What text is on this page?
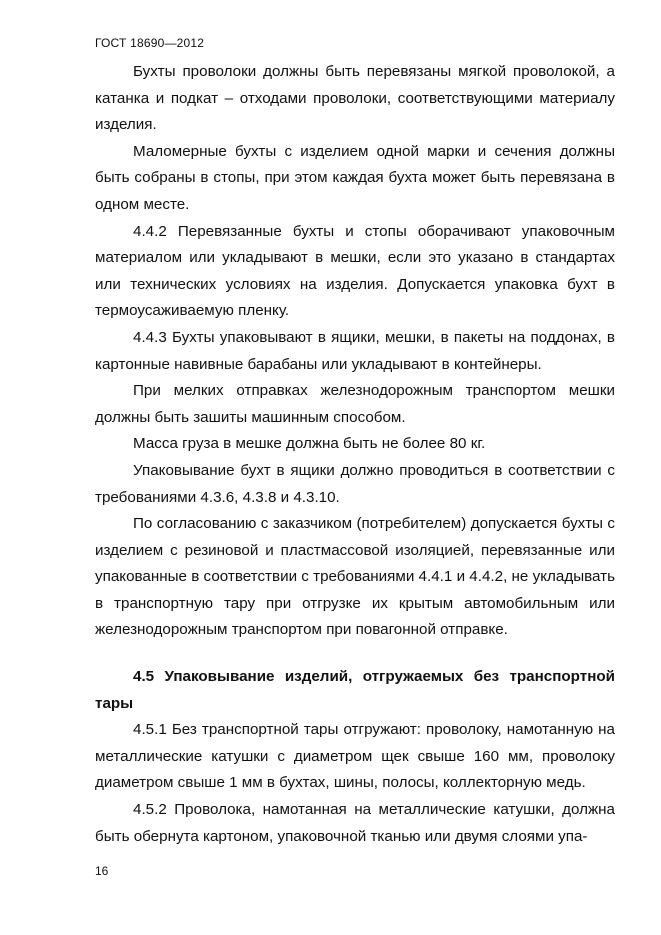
ГОСТ 18690—2012

Бухты проволоки должны быть перевязаны мягкой проволокой, а катанка и подкат – отходами проволоки, соответствующими материалу изделия.

Маломерные бухты с изделием одной марки и сечения должны быть собраны в стопы, при этом каждая бухта может быть перевязана в одном месте.

4.4.2 Перевязанные бухты и стопы оборачивают упаковочным материалом или укладывают в мешки, если это указано в стандартах или технических условиях на изделия. Допускается упаковка бухт в термоусаживаемую пленку.

4.4.3 Бухты упаковывают в ящики, мешки, в пакеты на поддонах, в картонные навивные барабаны или укладывают в контейнеры.

При мелких отправках железнодорожным транспортом мешки должны быть зашиты машинным способом.

Масса груза в мешке должна быть не более 80 кг.

Упаковывание бухт в ящики должно проводиться в соответствии с требованиями 4.3.6, 4.3.8 и 4.3.10.

По согласованию с заказчиком (потребителем) допускается бухты с изделием с резиновой и пластмассовой изоляцией, перевязанные или упакованные в соответствии с требованиями 4.4.1 и 4.4.2, не укладывать в транспортную тару при отгрузке их крытым автомобильным или железнодорожным транспортом при повагонной отправке.

4.5 Упаковывание изделий, отгружаемых без транспортной тары

4.5.1 Без транспортной тары отгружают: проволоку, намотанную на металлические катушки с диаметром щек свыше 160 мм, проволоку диаметром свыше 1 мм в бухтах, шины, полосы, коллекторную медь.

4.5.2 Проволока, намотанная на металлические катушки, должна быть обернута картоном, упаковочной тканью или двумя слоями упа-

16
